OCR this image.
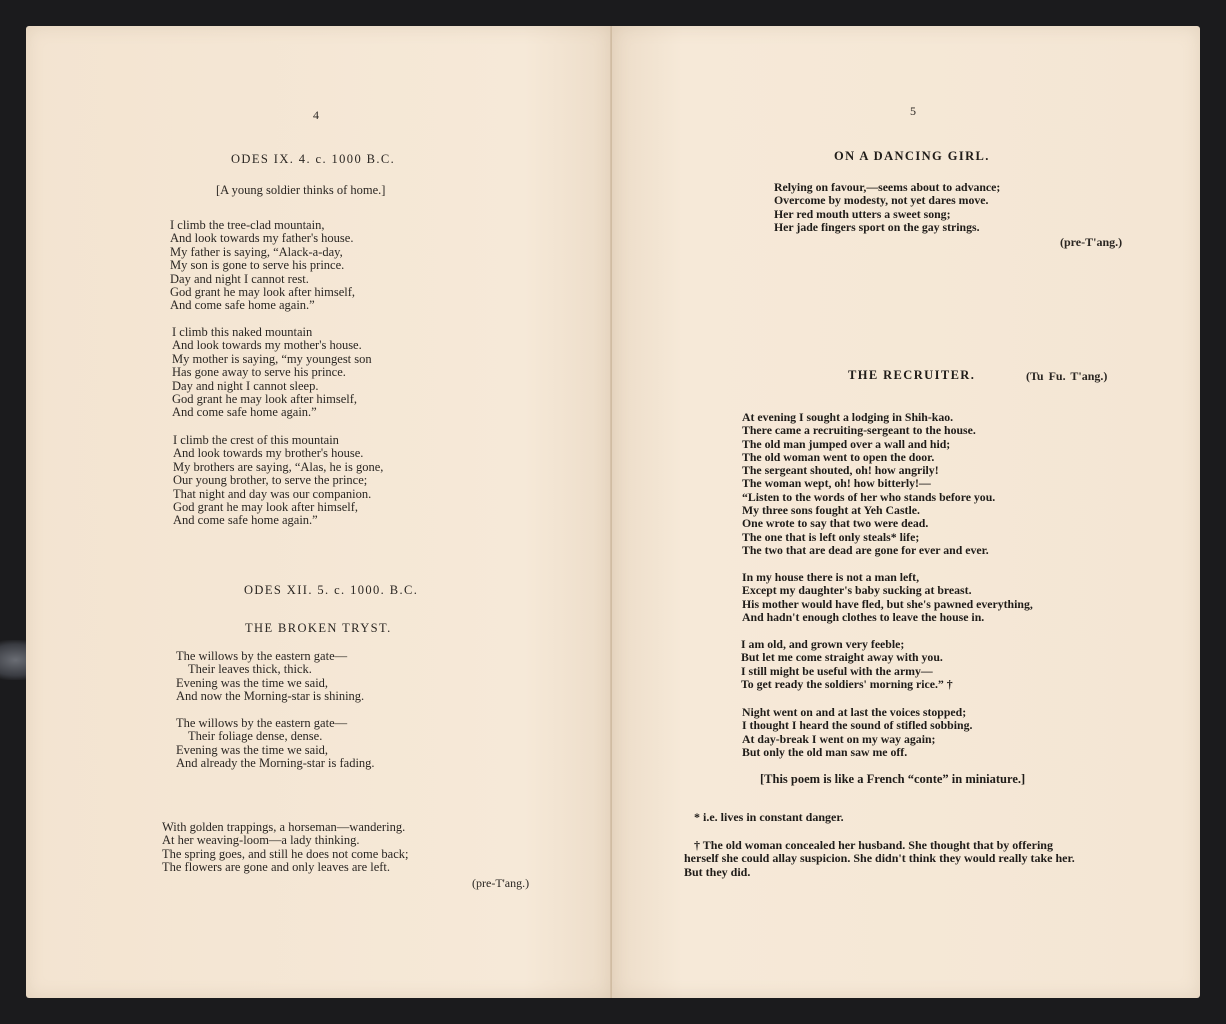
4
ODES IX. 4. c. 1000 B.C.
[A young soldier thinks of home.]
I climb the tree-clad mountain,
And look towards my father's house.
My father is saying, “Alack-a-day,
My son is gone to serve his prince.
Day and night I cannot rest.
God grant he may look after himself,
And come safe home again.”
I climb this naked mountain
And look towards my mother's house.
My mother is saying, “my youngest son
Has gone away to serve his prince.
Day and night I cannot sleep.
God grant he may look after himself,
And come safe home again.”
I climb the crest of this mountain
And look towards my brother's house.
My brothers are saying, “Alas, he is gone,
Our young brother, to serve the prince;
That night and day was our companion.
God grant he may look after himself,
And come safe home again.”
ODES XII. 5. c. 1000. B.C.
THE BROKEN TRYST.
The willows by the eastern gate—
Their leaves thick, thick.
Evening was the time we said,
And now the Morning-star is shining.
The willows by the eastern gate—
Their foliage dense, dense.
Evening was the time we said,
And already the Morning-star is fading.
With golden trappings, a horseman—wandering.
At her weaving-loom—a lady thinking.
The spring goes, and still he does not come back;
The flowers are gone and only leaves are left.
(pre-T'ang.)
5
ON A DANCING GIRL.
Relying on favour,—seems about to advance;
Overcome by modesty, not yet dares move.
Her red mouth utters a sweet song;
Her jade fingers sport on the gay strings.
(pre-T'ang.)
THE RECRUITER.	(Tu Fu. T'ang.)
At evening I sought a lodging in Shih-kao.
There came a recruiting-sergeant to the house.
The old man jumped over a wall and hid;
The old woman went to open the door.
The sergeant shouted, oh! how angrily!
The woman wept, oh! how bitterly!—
“Listen to the words of her who stands before you.
My three sons fought at Yeh Castle.
One wrote to say that two were dead.
The one that is left only steals* life;
The two that are dead are gone for ever and ever.
In my house there is not a man left,
Except my daughter's baby sucking at breast.
His mother would have fled, but she's pawned everything,
And hadn't enough clothes to leave the house in.
I am old, and grown very feeble;
But let me come straight away with you.
I still might be useful with the army—
To get ready the soldiers' morning rice.” †
Night went on and at last the voices stopped;
I thought I heard the sound of stifled sobbing.
At day-break I went on my way again;
But only the old man saw me off.
[This poem is like a French “conte” in miniature.]
* i.e. lives in constant danger.
† The old woman concealed her husband. She thought that by offering
herself she could allay suspicion. She didn't think they would really take her.
But they did.
